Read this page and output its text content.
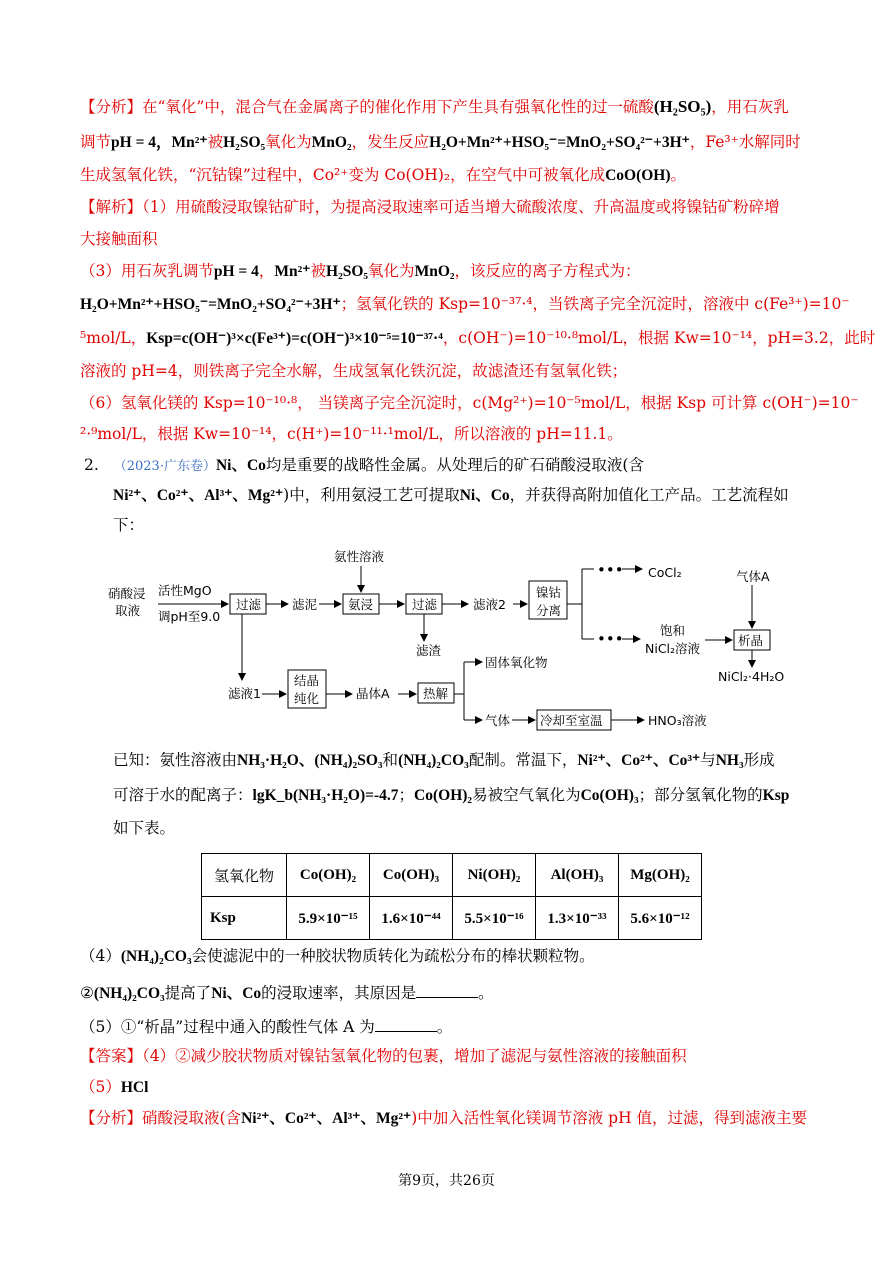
【分析】在“氧化”中，混合气在金属离子的催化作用下产生具有强氧化性的过一硫酸(H₂SO₅)，用石灰乳
调节pH = 4，Mn²⁺被H₂SO₅氧化为MnO₂，发生反应H₂O+Mn²⁺+HSO₅⁻=MnO₂+SO₄²⁻+3H⁺，Fe³⁺水解同时
生成氢氧化铁，“沉钴镍”过程中，Co²⁺变为 Co(OH)₂，在空气中可被氧化成CoO(OH)。
【解析】（1）用硫酸浸取镍钴矿时，为提高浸取速率可适当增大硫酸浓度、升高温度或将镍钴矿粉碎增
大接触面积
（3）用石灰乳调节pH = 4，Mn²⁺被H₂SO₅氧化为MnO₂，该反应的离子方程式为：
H₂O+Mn²⁺+HSO₅⁻=MnO₂+SO₄²⁻+3H⁺；氢氧化铁的 Ksp=10⁻³⁷·⁴，当铁离子完全沉淀时，溶液中 c(Fe³⁺)=10⁻
⁵mol/L，Ksp=c(OH⁻)³×c(Fe³⁺)=c(OH⁻)³×10⁻⁵=10⁻³⁷·⁴，c(OH⁻)=10⁻¹⁰·⁸mol/L，根据 Kw=10⁻¹⁴，pH=3.2，此时
溶液的 pH=4，则铁离子完全水解，生成氢氧化铁沉淀，故滤渣还有氢氧化铁；
（6）氢氧化镁的 Ksp=10⁻¹⁰·⁸， 当镁离子完全沉淀时，c(Mg²⁺)=10⁻⁵mol/L，根据 Ksp 可计算 c(OH⁻)=10⁻
²·⁹mol/L，根据 Kw=10⁻¹⁴，c(H⁺)=10⁻¹¹·¹mol/L，所以溶液的 pH=11.1。
2. （2023·广东卷）Ni、Co均是重要的战略性金属。从处理后的矿石硝酸浸取液(含
Ni²⁺、Co²⁺、Al³⁺、Mg²⁺)中，利用氨浸工艺可提取Ni、Co，并获得高附加值化工产品。工艺流程如
下：
硝酸浸
取液
活性MgO
调pH至9.0
过滤 滤泥
氨性溶液
氨浸	过滤	滤液2
滤渣
镍钴
分离
•••
•••
CoCl₂	气体A
饱和
NiCl₂溶液
析晶
NiCl₂·4H₂O
滤液1
结晶
纯化	晶体A	热解
固体氧化物
气体 冷却至室温	HNO₃溶液
已知：氨性溶液由NH₃·H₂O、(NH₄)₂SO₃和(NH₄)₂CO₃配制。常温下，Ni²⁺、Co²⁺、Co³⁺与NH₃形成
可溶于水的配离子：lgK_b(NH₃·H₂O)=-4.7；Co(OH)₂易被空气氧化为Co(OH)₃；部分氢氧化物的Ksp
如下表。
氢氧化物	Co(OH)₂	Co(OH)₃	Ni(OH)₂	Al(OH)₃	Mg(OH)₂
Ksp	5.9×10⁻¹⁵	1.6×10⁻⁴⁴	5.5×10⁻¹⁶	1.3×10⁻³³	5.6×10⁻¹²
（4）(NH₄)₂CO₃会使滤泥中的一种胶状物质转化为疏松分布的棒状颗粒物。
②(NH₄)₂CO₃提高了Ni、Co的浸取速率，其原因是	。
（5）①“析晶”过程中通入的酸性气体 A 为	。
【答案】（4）②减少胶状物质对镍钴氢氧化物的包裹，增加了滤泥与氨性溶液的接触面积
（5）HCl
【分析】硝酸浸取液(含Ni²⁺、Co²⁺、Al³⁺、Mg²⁺)中加入活性氧化镁调节溶液 pH 值，过滤，得到滤液主要
第9页，共26页
